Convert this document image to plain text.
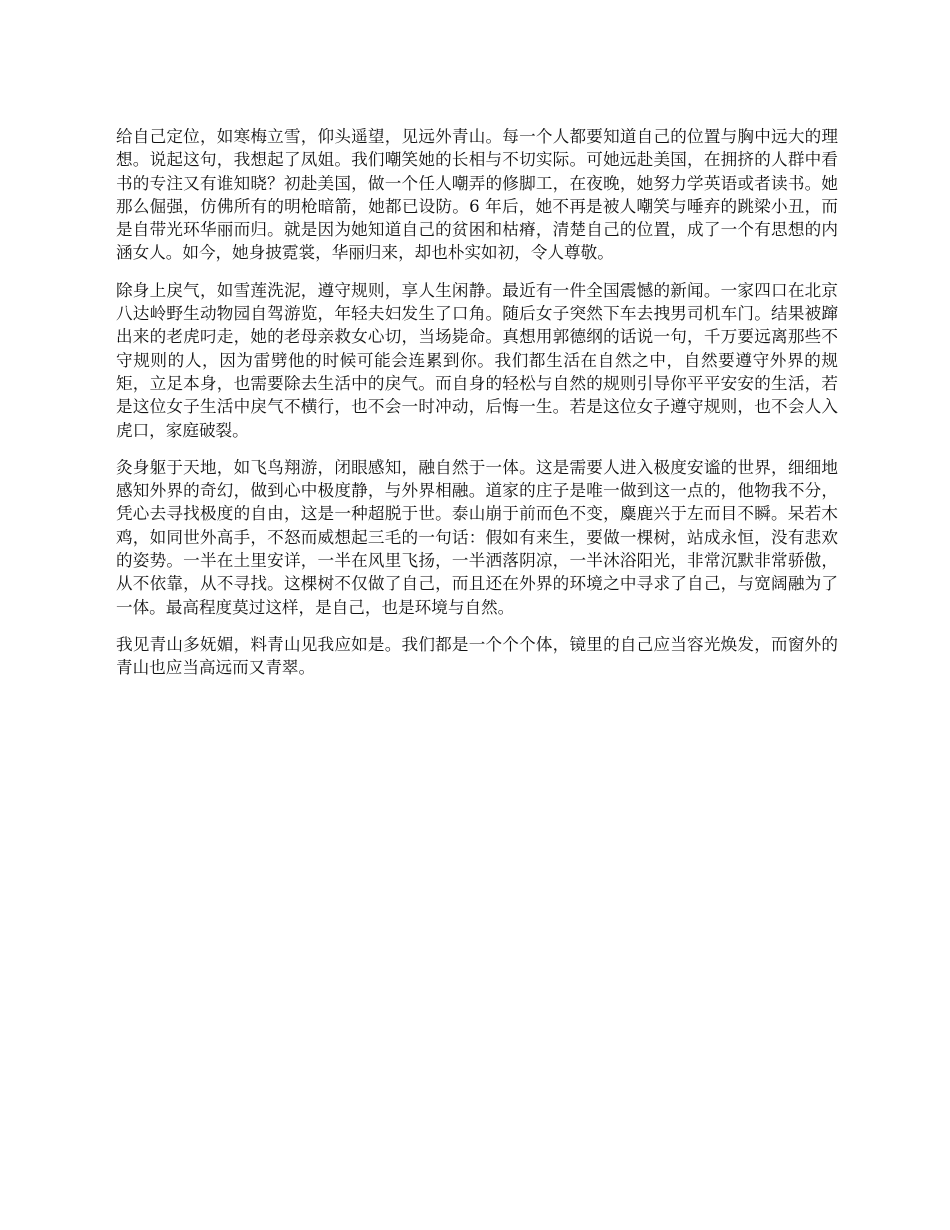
给自己定位，如寒梅立雪，仰头遥望，见远外青山。每一个人都要知道自己的位置与胸中远大的理想。说起这句，我想起了凤姐。我们嘲笑她的长相与不切实际。可她远赴美国，在拥挤的人群中看书的专注又有谁知晓？初赴美国，做一个任人嘲弄的修脚工，在夜晚，她努力学英语或者读书。她那么倔强，仿佛所有的明枪暗箭，她都已设防。6 年后，她不再是被人嘲笑与唾弃的跳梁小丑，而是自带光环华丽而归。就是因为她知道自己的贫困和枯瘠，清楚自己的位置，成了一个有思想的内涵女人。如今，她身披霓裳，华丽归来，却也朴实如初，令人尊敬。

除身上戾气，如雪莲洗泥，遵守规则，享人生闲静。最近有一件全国震憾的新闻。一家四口在北京八达岭野生动物园自驾游览，年轻夫妇发生了口角。随后女子突然下车去拽男司机车门。结果被蹿出来的老虎叼走，她的老母亲救女心切，当场毙命。真想用郭德纲的话说一句，千万要远离那些不守规则的人，因为雷劈他的时候可能会连累到你。我们都生活在自然之中，自然要遵守外界的规矩，立足本身，也需要除去生活中的戾气。而自身的轻松与自然的规则引导你平平安安的生活，若是这位女子生活中戾气不横行，也不会一时冲动，后悔一生。若是这位女子遵守规则，也不会人入虎口，家庭破裂。

灸身躯于天地，如飞鸟翔游，闭眼感知，融自然于一体。这是需要人进入极度安谧的世界，细细地感知外界的奇幻，做到心中极度静，与外界相融。道家的庄子是唯一做到这一点的，他物我不分，凭心去寻找极度的自由，这是一种超脱于世。泰山崩于前而色不变，麋鹿兴于左而目不瞬。呆若木鸡，如同世外高手，不怒而威想起三毛的一句话：假如有来生，要做一棵树，站成永恒，没有悲欢的姿势。一半在土里安详，一半在风里飞扬，一半洒落阴凉，一半沐浴阳光，非常沉默非常骄傲，从不依靠，从不寻找。这棵树不仅做了自己，而且还在外界的环境之中寻求了自己，与宽阔融为了一体。最高程度莫过这样，是自己，也是环境与自然。

我见青山多妩媚，料青山见我应如是。我们都是一个个个体，镜里的自己应当容光焕发，而窗外的青山也应当高远而又青翠。
